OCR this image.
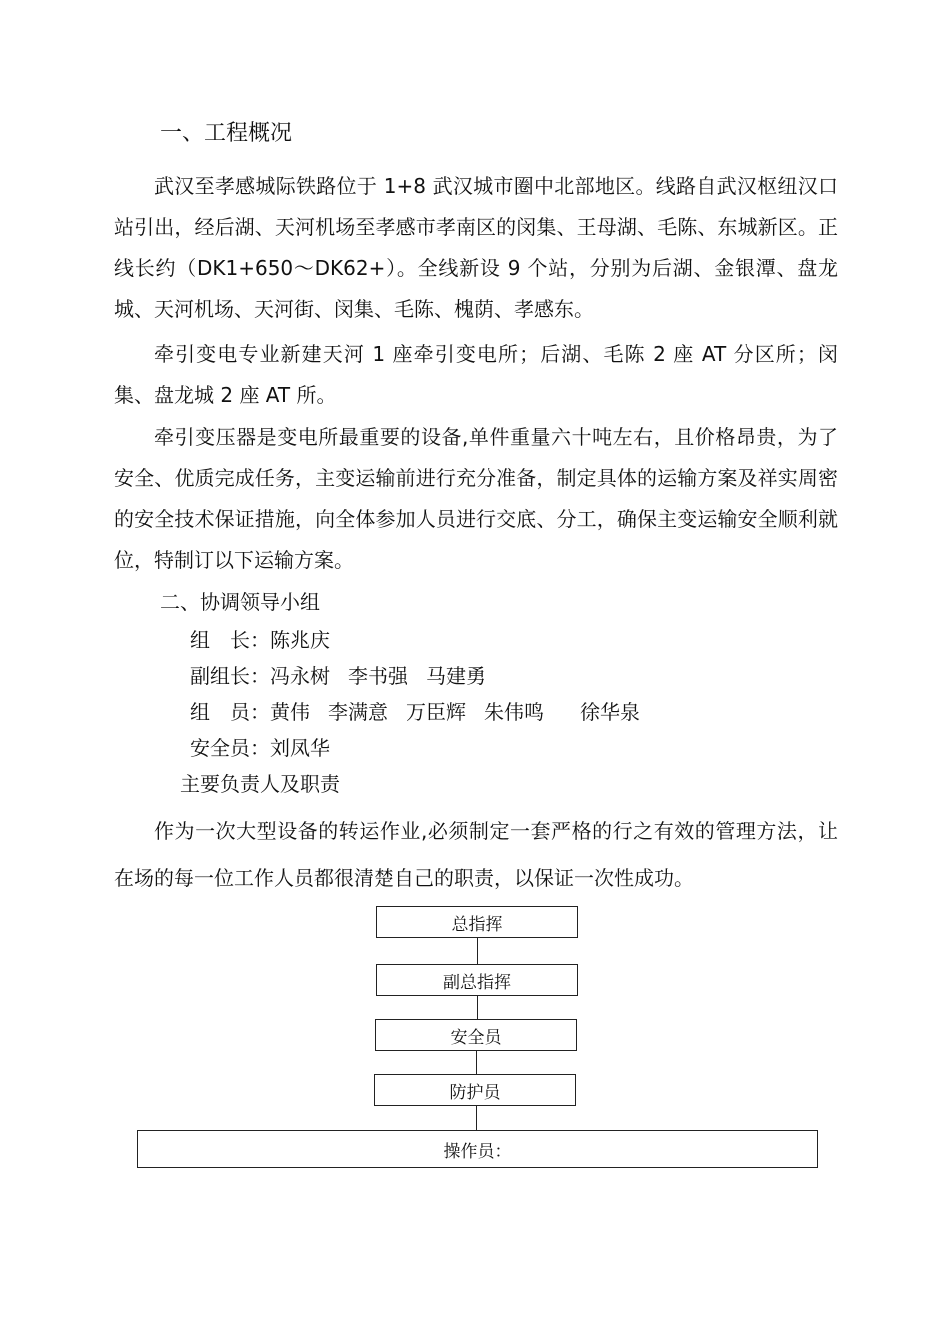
一、工程概况

武汉至孝感城际铁路位于 1+8 武汉城市圈中北部地区。线路自武汉枢纽汉口站引出，经后湖、天河机场至孝感市孝南区的闵集、王母湖、毛陈、东城新区。正线长约（DK1+650～DK62+）。全线新设 9 个站，分别为后湖、金银潭、盘龙城、天河机场、天河街、闵集、毛陈、槐荫、孝感东。

牵引变电专业新建天河 1 座牵引变电所；后湖、毛陈 2 座 AT 分区所；闵集、盘龙城 2 座 AT 所。

牵引变压器是变电所最重要的设备,单件重量六十吨左右，且价格昂贵，为了安全、优质完成任务，主变运输前进行充分准备，制定具体的运输方案及祥实周密的安全技术保证措施，向全体参加人员进行交底、分工，确保主变运输安全顺利就位，特制订以下运输方案。

二、协调领导小组
组　长：陈兆庆
副组长：冯永树 李书强 马建勇
组　员：黄伟 李满意 万臣辉 朱伟鸣 徐华泉
安全员：刘凤华
主要负责人及职责

作为一次大型设备的转运作业,必须制定一套严格的行之有效的管理方法，让在场的每一位工作人员都很清楚自己的职责，以保证一次性成功。

总指挥
副总指挥
安全员
防护员
操作员：
